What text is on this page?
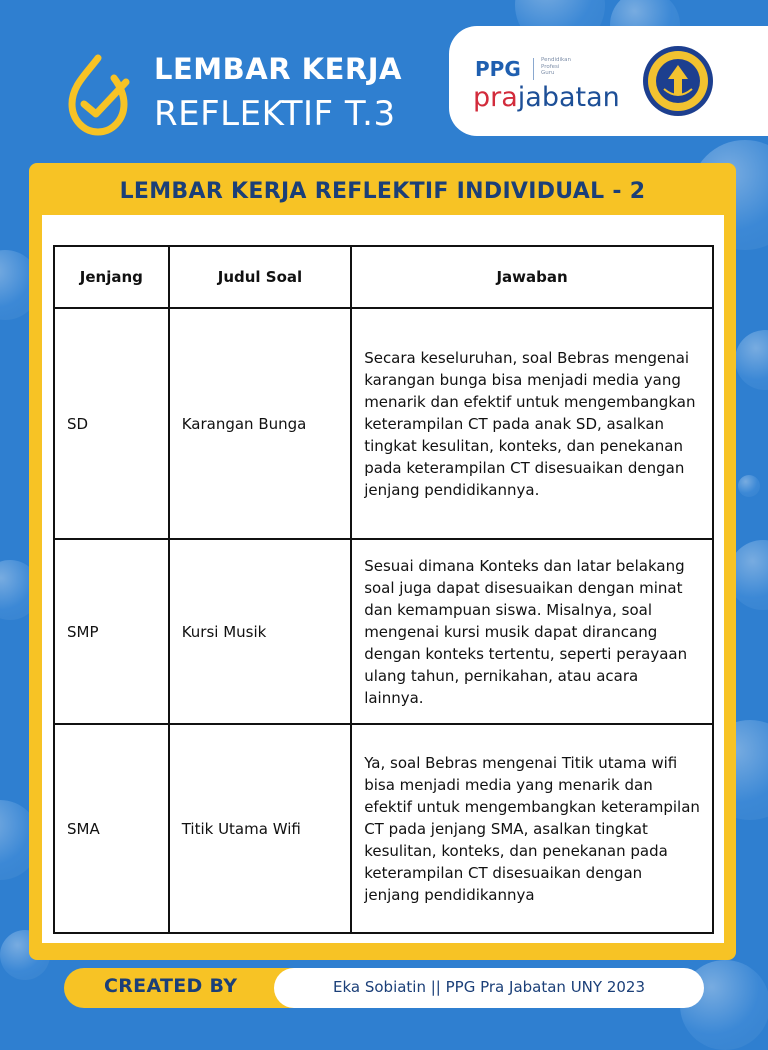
LEMBAR KERJA
REFLEKTIF T.3
PPG	Pendidikan Profesi Guru
prajabatan
LEMBAR KERJA REFLEKTIF INDIVIDUAL - 2
Jenjang	Judul Soal	Jawaban
SD	Karangan Bunga	Secara keseluruhan, soal Bebras mengenai karangan bunga bisa menjadi media yang menarik dan efektif untuk mengembangkan keterampilan CT pada anak SD, asalkan tingkat kesulitan, konteks, dan penekanan pada keterampilan CT disesuaikan dengan jenjang pendidikannya.
SMP	Kursi Musik	Sesuai dimana Konteks dan latar belakang soal juga dapat disesuaikan dengan minat dan kemampuan siswa. Misalnya, soal mengenai kursi musik dapat dirancang dengan konteks tertentu, seperti perayaan ulang tahun, pernikahan, atau acara lainnya.
SMA	Titik Utama Wifi	Ya, soal Bebras mengenai Titik utama wifi bisa menjadi media yang menarik dan efektif untuk mengembangkan keterampilan CT pada jenjang SMA, asalkan tingkat kesulitan, konteks, dan penekanan pada keterampilan CT disesuaikan dengan jenjang pendidikannya
CREATED BY	Eka Sobiatin || PPG Pra Jabatan UNY 2023
